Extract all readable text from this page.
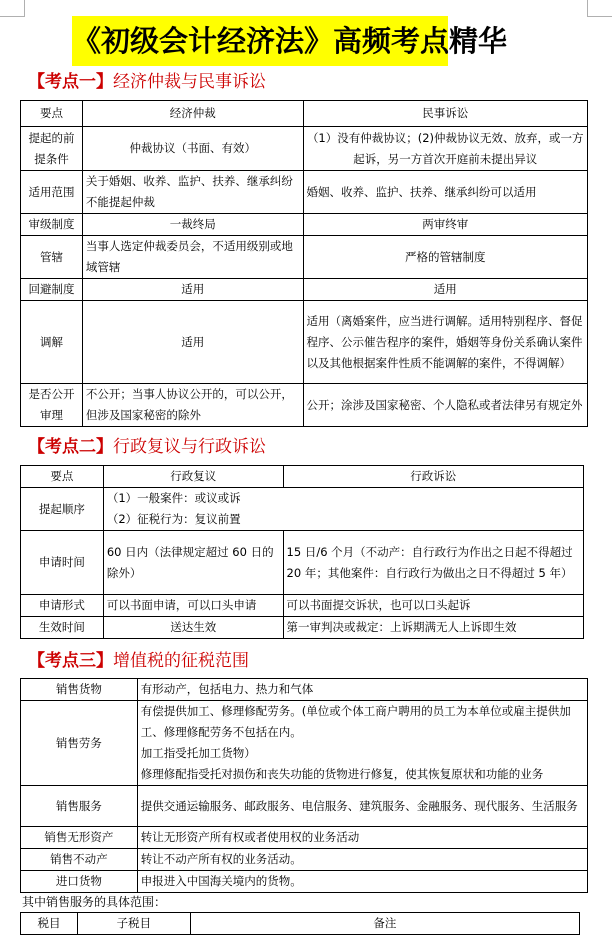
《初级会计经济法》高频考点精华
【考点一】经济仲裁与民事诉讼
要点	经济仲裁	民事诉讼
提起的前提条件	仲裁协议（书面、有效）	（1）没有仲裁协议；(2)仲裁协议无效、放弃，或一方起诉，另一方首次开庭前未提出异议
适用范围	关于婚姻、收养、监护、扶养、继承纠纷不能提起仲裁	婚姻、收养、监护、扶养、继承纠纷可以适用
审级制度	一裁终局	两审终审
管辖	当事人选定仲裁委员会，不适用级别或地域管辖	严格的管辖制度
回避制度	适用	适用
调解	适用	适用（离婚案件，应当进行调解。适用特别程序、督促程序、公示催告程序的案件，婚姻等身份关系确认案件以及其他根据案件性质不能调解的案件，不得调解）
是否公开审理	不公开；当事人协议公开的，可以公开，但涉及国家秘密的除外	公开；涂涉及国家秘密、个人隐私或者法律另有规定外
【考点二】行政复议与行政诉讼
要点	行政复议	行政诉讼
提起顺序	（1）一般案件：或议或诉
（2）征税行为：复议前置	

申请时间	60 日内（法律规定超过 60 日的除外）	15 日/6 个月（不动产：自行政行为作出之日起不得超过 20 年；其他案件：自行政行为做出之日不得超过 5 年）
申请形式	可以书面申请，可以口头申请	可以书面提交诉状，也可以口头起诉
生效时间	送达生效	第一审判决或裁定：上诉期满无人上诉即生效
【考点三】增值税的征税范围
销售货物	有形动产，包括电力、热力和气体

销售劳务	有偿提供加工、修理修配劳务。(单位或个体工商户聘用的员工为本单位或雇主提供加工、修理修配劳务不包括在内。
加工指受托加工货物）
修理修配指受托对损伤和丧失功能的货物进行修复，使其恢复原状和功能的业务

销售服务	提供交通运输服务、邮政服务、电信服务、建筑服务、金融服务、现代服务、生活服务

销售无形资产	转让无形资产所有权或者使用权的业务活动

销售不动产	转让不动产所有权的业务活动。

进口货物	申报进入中国海关境内的货物。
其中销售服务的具体范围：
税目	子税目	备注
